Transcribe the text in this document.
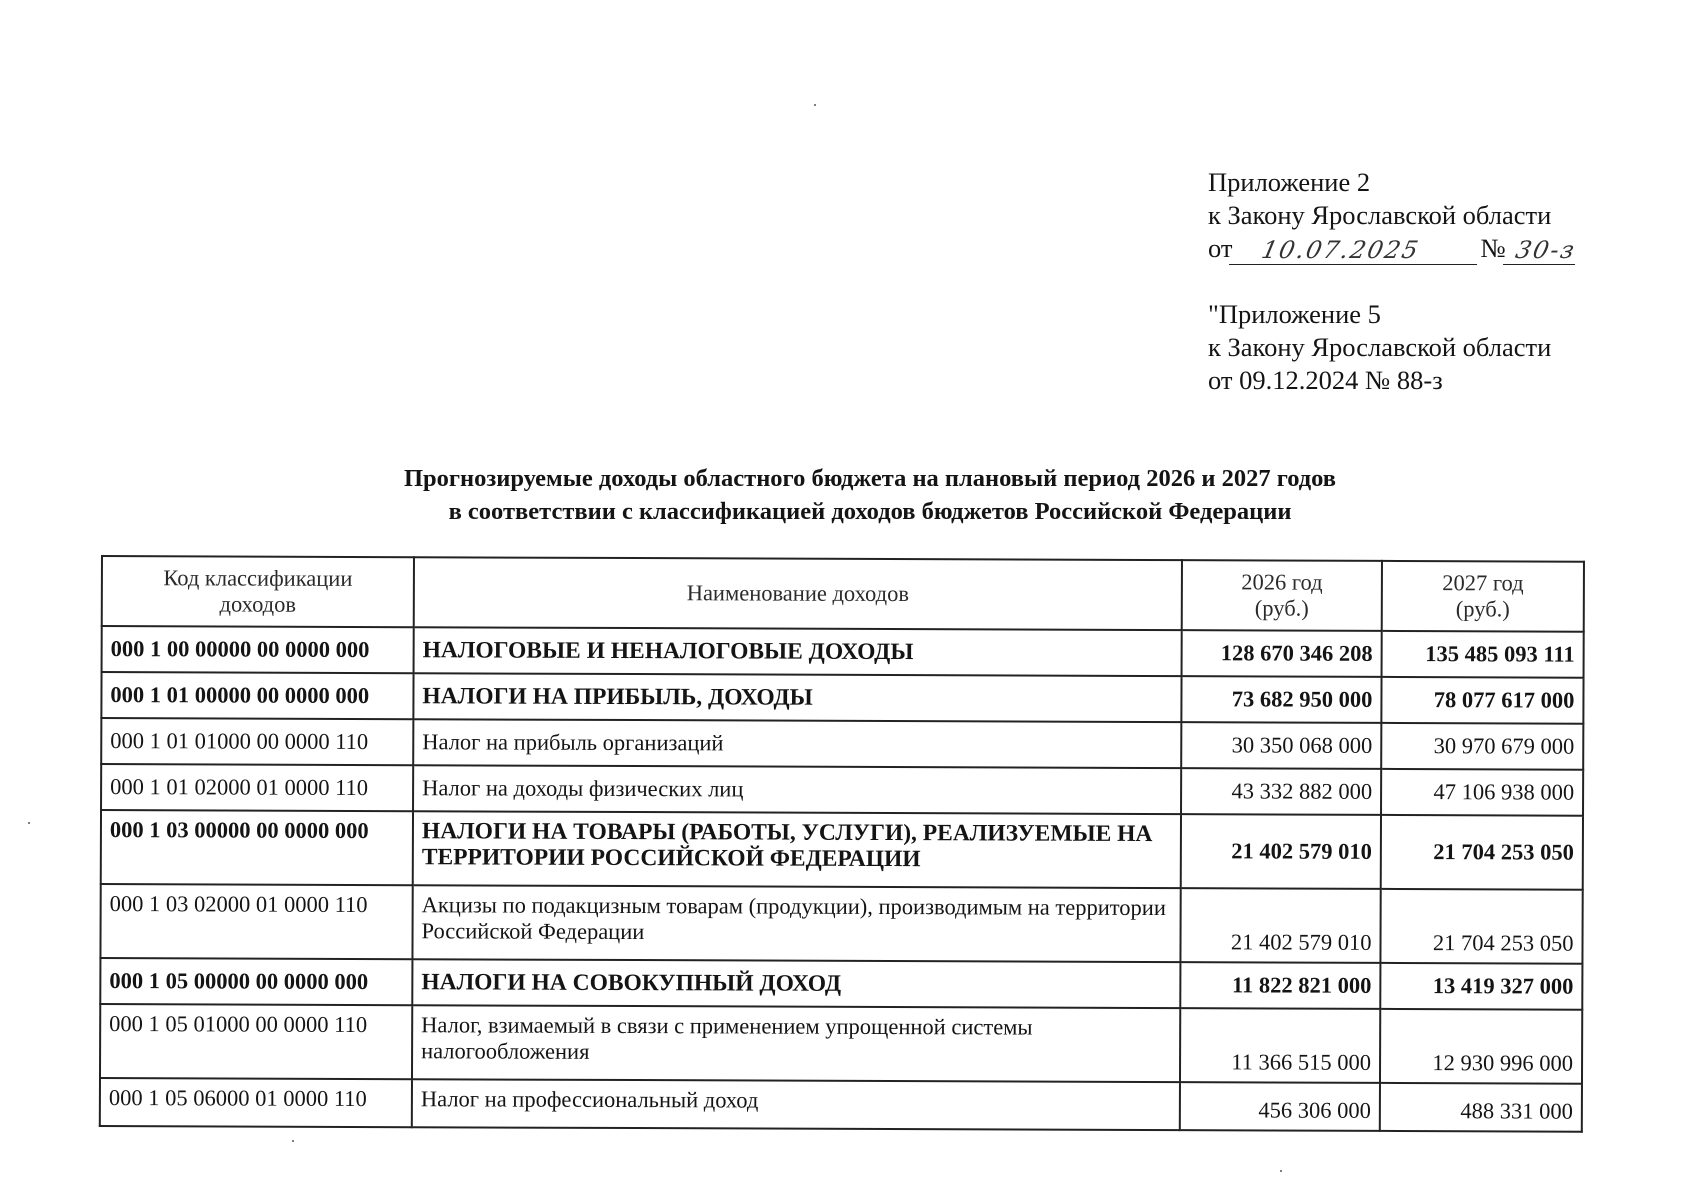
Приложение 2
к Закону Ярославской области
от	10.07.2025	№ 30-з
"Приложение 5
к Закону Ярославской области
от 09.12.2024 № 88-з
Прогнозируемые доходы областного бюджета на плановый период 2026 и 2027 годов
в соответствии с классификацией доходов бюджетов Российской Федерации
Код классификации доходов	Наименование доходов	2026 год (руб.)	2027 год (руб.)
000 1 00 00000 00 0000 000	НАЛОГОВЫЕ И НЕНАЛОГОВЫЕ ДОХОДЫ	128 670 346 208	135 485 093 111
000 1 01 00000 00 0000 000	НАЛОГИ НА ПРИБЫЛЬ, ДОХОДЫ	73 682 950 000	78 077 617 000
000 1 01 01000 00 0000 110	Налог на прибыль организаций	30 350 068 000	30 970 679 000
000 1 01 02000 01 0000 110	Налог на доходы физических лиц	43 332 882 000	47 106 938 000
000 1 03 00000 00 0000 000	НАЛОГИ НА ТОВАРЫ (РАБОТЫ, УСЛУГИ), РЕАЛИЗУЕМЫЕ НА ТЕРРИТОРИИ РОССИЙСКОЙ ФЕДЕРАЦИИ	21 402 579 010	21 704 253 050
000 1 03 02000 01 0000 110	Акцизы по подакцизным товарам (продукции), производимым на территории Российской Федерации	21 402 579 010	21 704 253 050
000 1 05 00000 00 0000 000	НАЛОГИ НА СОВОКУПНЫЙ ДОХОД	11 822 821 000	13 419 327 000
000 1 05 01000 00 0000 110	Налог, взимаемый в связи с применением упрощенной системы налогообложения	11 366 515 000	12 930 996 000
000 1 05 06000 01 0000 110	Налог на профессиональный доход	456 306 000	488 331 000
